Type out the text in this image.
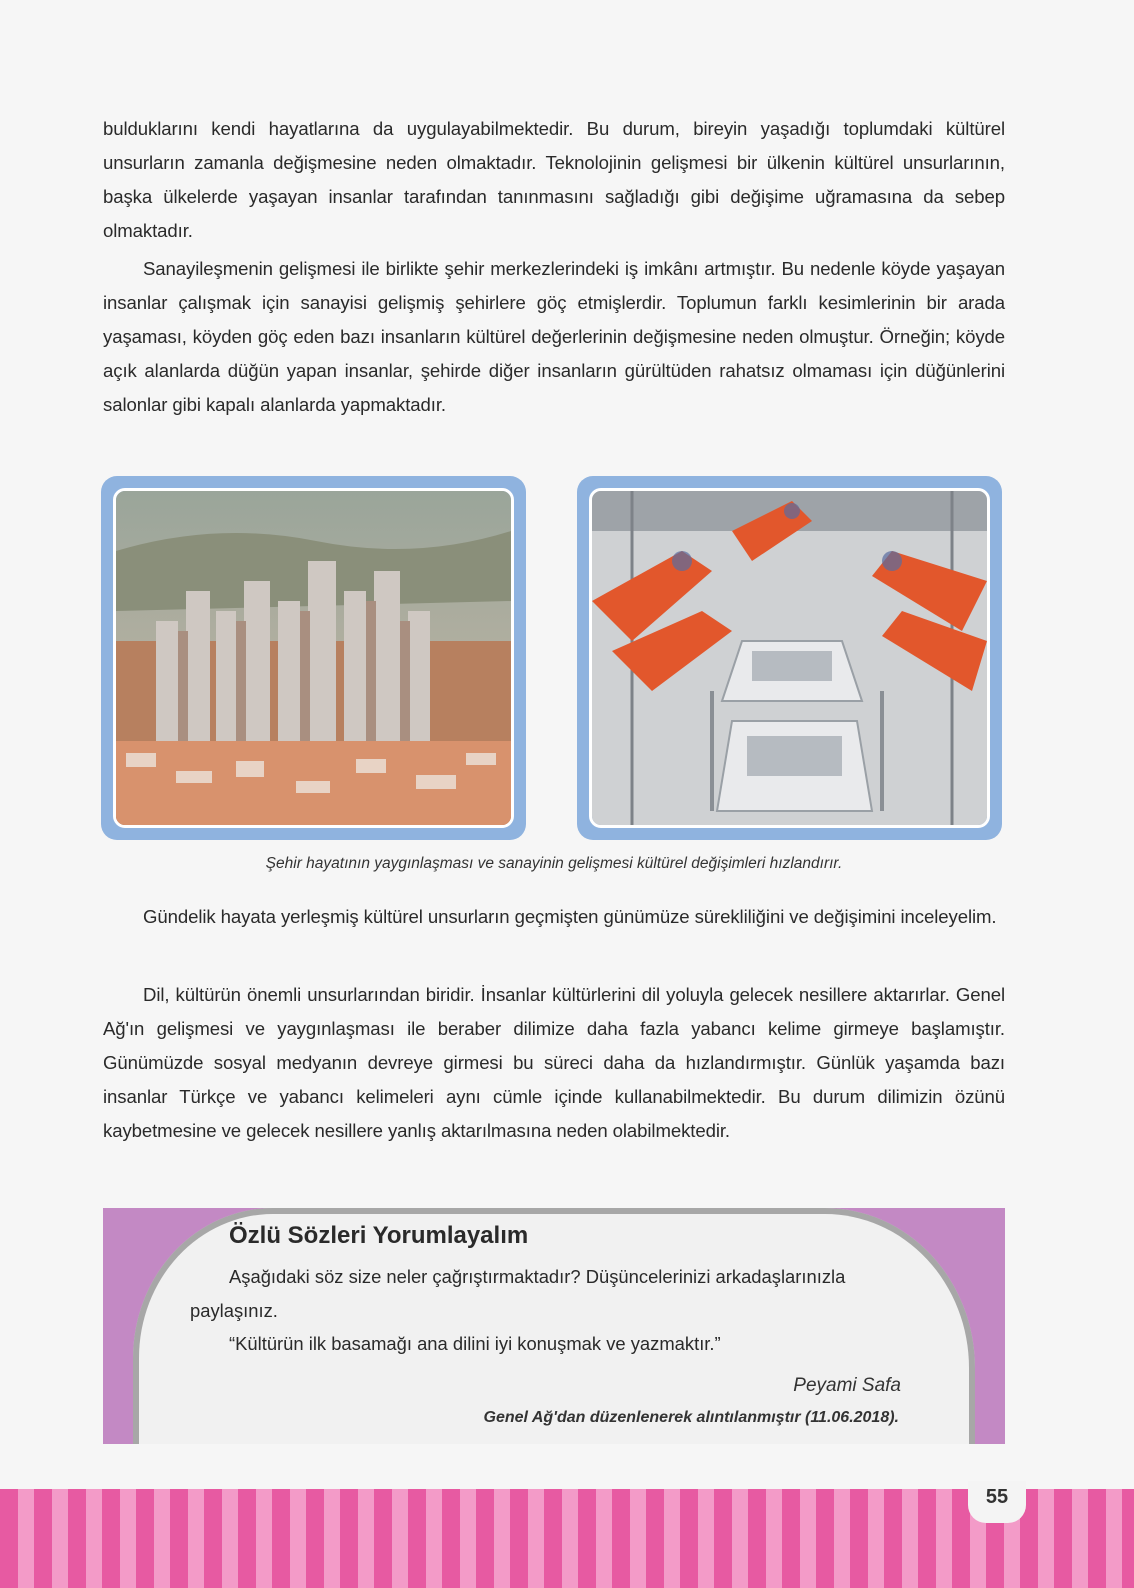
bulduklarını kendi hayatlarına da uygulayabilmektedir. Bu durum, bireyin yaşadığı toplumdaki kültürel unsurların zamanla değişmesine neden olmaktadır. Teknolojinin gelişmesi bir ülkenin kültürel unsurlarının, başka ülkelerde yaşayan insanlar tarafından tanınmasını sağladığı gibi değişime uğramasına da sebep olmaktadır.

Sanayileşmenin gelişmesi ile birlikte şehir merkezlerindeki iş imkânı artmıştır. Bu nedenle köyde yaşayan insanlar çalışmak için sanayisi gelişmiş şehirlere göç etmişlerdir. Toplumun farklı kesimlerinin bir arada yaşaması, köyden göç eden bazı insanların kültürel değerlerinin değişmesine neden olmuştur. Örneğin; köyde açık alanlarda düğün yapan insanlar, şehirde diğer insanların gürültüden rahatsız olmaması için düğünlerini salonlar gibi kapalı alanlarda yapmaktadır.

Şehir hayatının yaygınlaşması ve sanayinin gelişmesi kültürel değişimleri hızlandırır.

Gündelik hayata yerleşmiş kültürel unsurların geçmişten günümüze sürekliliğini ve değişimini inceleyelim.

Dil, kültürün önemli unsurlarından biridir. İnsanlar kültürlerini dil yoluyla gelecek nesillere aktarırlar. Genel Ağ'ın gelişmesi ve yaygınlaşması ile beraber dilimize daha fazla yabancı kelime girmeye başlamıştır. Günümüzde sosyal medyanın devreye girmesi bu süreci daha da hızlandırmıştır. Günlük yaşamda bazı insanlar Türkçe ve yabancı kelimeleri aynı cümle içinde kullanabilmektedir. Bu durum dilimizin özünü kaybetmesine ve gelecek nesillere yanlış aktarılmasına neden olabilmektedir.

Özlü Sözleri Yorumlayalım

Aşağıdaki söz size neler çağrıştırmaktadır? Düşüncelerinizi arkadaşlarınızla paylaşınız.

“Kültürün ilk basamağı ana dilini iyi konuşmak ve yazmaktır.”

Peyami Safa
Genel Ağ'dan düzenlenerek alıntılanmıştır (11.06.2018).
55
